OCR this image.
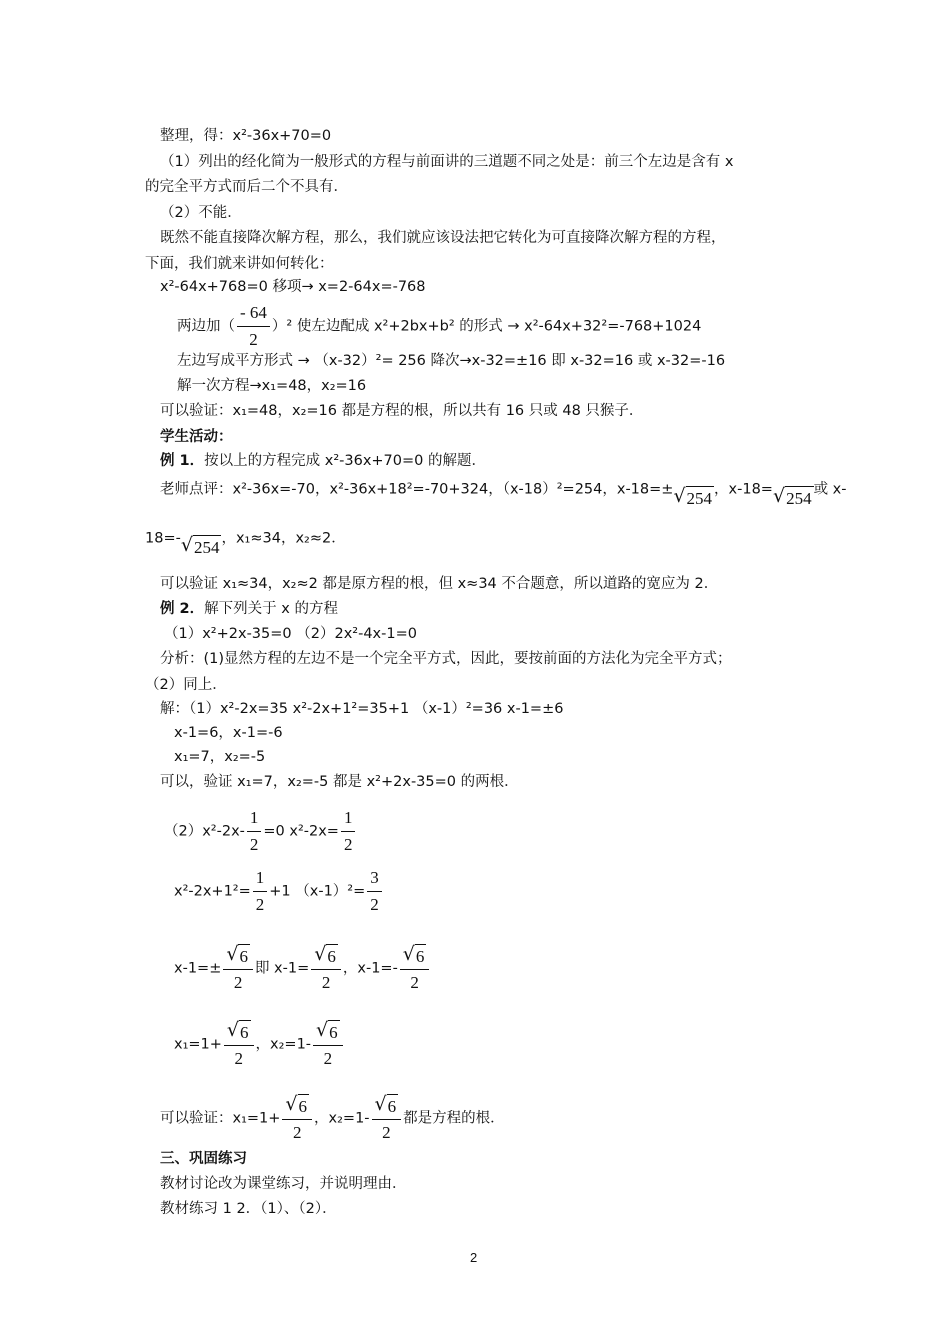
整理，得：x²-36x+70=0
（1）列出的经化简为一般形式的方程与前面讲的三道题不同之处是：前三个左边是含有 x
的完全平方式而后二个不具有．
（2）不能．
既然不能直接降次解方程，那么，我们就应该设法把它转化为可直接降次解方程的方程，
下面，我们就来讲如何转化：
x²-64x+768=0 移项→ x=2-64x=-768
两边加（ $\frac{- 64}{2} )^2$ 使左边配成 x²+2bx+b² 的形式 → x²-64x+32²=-768+1024
左边写成平方形式 → （x-32）²= 256 降次→x-32=±16 即 x-32=16 或 x-32=-16
解一次方程→x₁=48，x₂=16
可以验证：x₁=48，x₂=16 都是方程的根，所以共有 16 只或 48 只猴子．
学生活动：
例 1．按以上的方程完成 x²-36x+70=0 的解题．
老师点评：x²-36x=-70，x²-36x+18²=-70+324，（x-18）²=254，x-18=±√254 ，x-18=√254 或 x-
18=-√254 ，x₁≈34，x₂≈2．
可以验证 x₁≈34，x₂≈2 都是原方程的根，但 x≈34 不合题意，所以道路的宽应为 2．
例 2．解下列关于 x 的方程
（1）x²+2x-35=0 （2）2x²-4x-1=0
分析：(1)显然方程的左边不是一个完全平方式，因此，要按前面的方法化为完全平方式；
（2）同上．
解：（1）x²-2x=35 x²-2x+1²=35+1 （x-1）²=36 x-1=±6
x-1=6，x-1=-6
x₁=7，x₂=-5
可以，验证 x₁=7，x₂=-5 都是 x²+2x-35=0 的两根．
$(2)x^2-2x- \frac{1}{2} =0$ $x^2-2x= \frac{1}{2}$
$x^2-2x+1^2= \frac{1}{2} +1$ $(x-1)^2= \frac{3}{2}$
$x-1=\pm \frac{√6}{2}$ 即 $x-1= \frac{√6}{2}$ ，$x-1=- \frac{√6}{2}$
$x_1=1+ \frac{√6}{2}$ ，$x_2=1- \frac{√6}{2}$
可以验证：$x_1=1+ \frac{√6}{2}$ ，$x_2=1- \frac{√6}{2}$ 都是方程的根．
三、巩固练习
教材讨论改为课堂练习，并说明理由．
教材练习 1 2．（1）、（2）．
2
